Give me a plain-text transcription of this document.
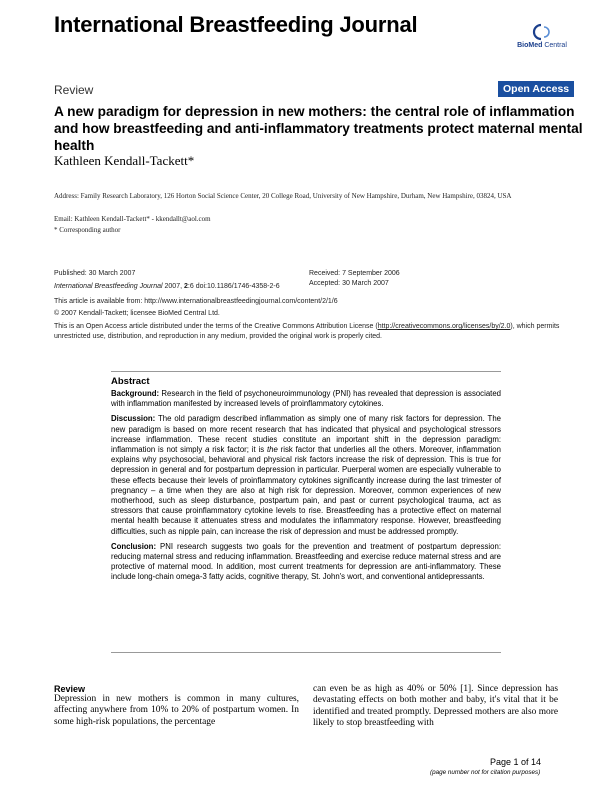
International Breastfeeding Journal
BioMed Central
Review	Open Access
A new paradigm for depression in new mothers: the central role of inflammation and how breastfeeding and anti-inflammatory treatments protect maternal mental health
Kathleen Kendall-Tackett*
Address: Family Research Laboratory, 126 Horton Social Science Center, 20 College Road, University of New Hampshire, Durham, New Hampshire, 03824, USA
Email: Kathleen Kendall-Tackett* - kkendallt@aol.com
* Corresponding author
Published: 30 March 2007
International Breastfeeding Journal 2007, 2:6 doi:10.1186/1746-4358-2-6
Received: 7 September 2006
Accepted: 30 March 2007
This article is available from: http://www.internationalbreastfeedingjournal.com/content/2/1/6
© 2007 Kendall-Tackett; licensee BioMed Central Ltd.
This is an Open Access article distributed under the terms of the Creative Commons Attribution License (http://creativecommons.org/licenses/by/2.0), which permits unrestricted use, distribution, and reproduction in any medium, provided the original work is properly cited.
Abstract

Background: Research in the field of psychoneuroimmunology (PNI) has revealed that depression is associated with inflammation manifested by increased levels of proinflammatory cytokines.

Discussion: The old paradigm described inflammation as simply one of many risk factors for depression. The new paradigm is based on more recent research that has indicated that physical and psychological stressors increase inflammation. These recent studies constitute an important shift in the depression paradigm: inflammation is not simply a risk factor; it is the risk factor that underlies all the others. Moreover, inflammation explains why psychosocial, behavioral and physical risk factors increase the risk of depression. This is true for depression in general and for postpartum depression in particular. Puerperal women are especially vulnerable to these effects because their levels of proinflammatory cytokines significantly increase during the last trimester of pregnancy – a time when they are also at high risk for depression. Moreover, common experiences of new motherhood, such as sleep disturbance, postpartum pain, and past or current psychological trauma, act as stressors that cause proinflammatory cytokine levels to rise. Breastfeeding has a protective effect on maternal mental health because it attenuates stress and modulates the inflammatory response. However, breastfeeding difficulties, such as nipple pain, can increase the risk of depression and must be addressed promptly.

Conclusion: PNI research suggests two goals for the prevention and treatment of postpartum depression: reducing maternal stress and reducing inflammation. Breastfeeding and exercise reduce maternal stress and are protective of maternal mood. In addition, most current treatments for depression are anti-inflammatory. These include long-chain omega-3 fatty acids, cognitive therapy, St. John's wort, and conventional antidepressants.

Review
Depression in new mothers is common in many cultures, affecting anywhere from 10% to 20% of postpartum women. In some high-risk populations, the percentage
can even be as high as 40% or 50% [1]. Since depression has devastating effects on both mother and baby, it's vital that it be identified and treated promptly. Depressed mothers are also more likely to stop breastfeeding with
Page 1 of 14
(page number not for citation purposes)
